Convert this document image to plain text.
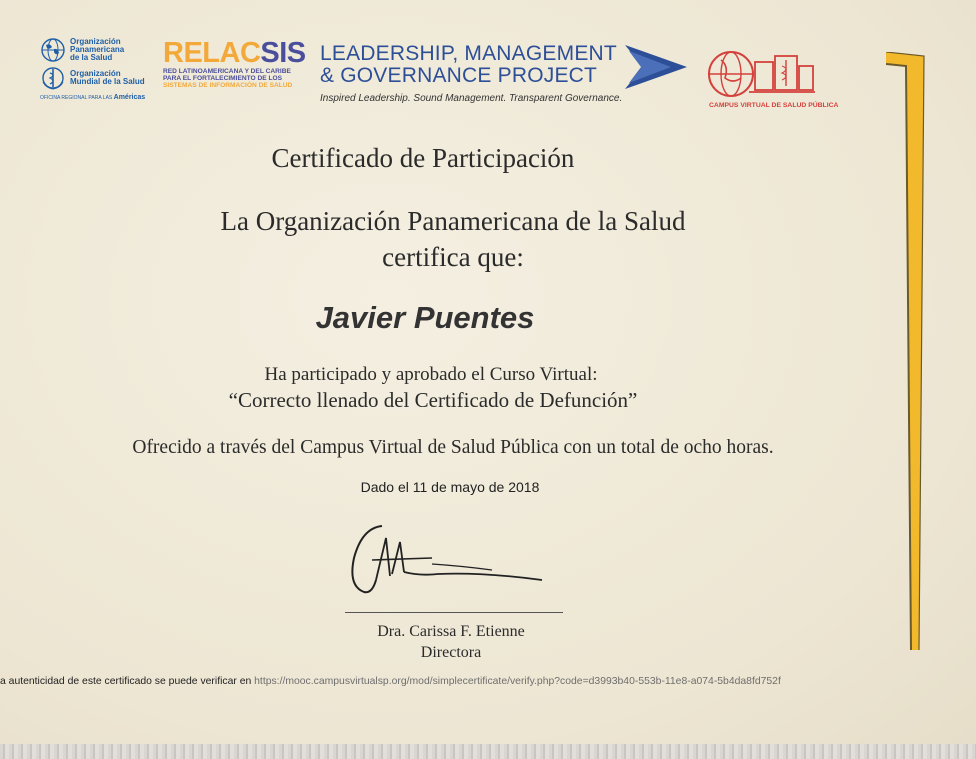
Organización
Panamericana
de la Salud
Organización
Mundial de la Salud
OFICINA REGIONAL PARA LAS Américas
RELACSIS
RED LATINOAMERICANA Y DEL CARIBE
PARA EL FORTALECIMIENTO DE LOS
SISTEMAS DE INFORMACIÓN DE SALUD
LEADERSHIP, MANAGEMENT
& GOVERNANCE PROJECT
Inspired Leadership. Sound Management. Transparent Governance.
CAMPUS VIRTUAL DE SALUD PÚBLICA
Certificado de Participación
La Organización Panamericana de la Salud
certifica que:
Javier Puentes
Ha participado y aprobado el Curso Virtual:
“Correcto llenado del Certificado de Defunción”
Ofrecido a través del Campus Virtual de Salud Pública con un total de ocho horas.
Dado el 11 de mayo de 2018
Dra. Carissa F. Etienne
Directora
a autenticidad de este certificado se puede verificar en https://mooc.campusvirtualsp.org/mod/simplecertificate/verify.php?code=d3993b40-553b-11e8-a074-5b4da8fd752f
